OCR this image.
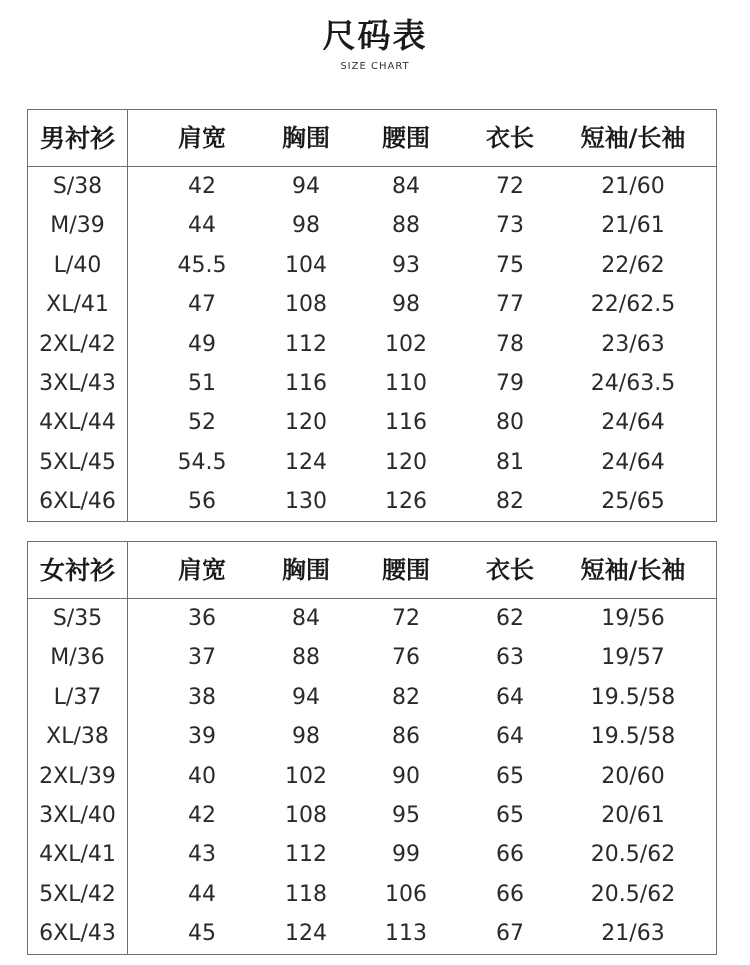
尺码表
SIZE CHART
男衬衫	肩宽	胸围	腰围	衣长	短袖/长袖
S/38	42	94	84	72	21/60
M/39	44	98	88	73	21/61
L/40	45.5	104	93	75	22/62
XL/41	47	108	98	77	22/62.5
2XL/42	49	112	102	78	23/63
3XL/43	51	116	110	79	24/63.5
4XL/44	52	120	116	80	24/64
5XL/45	54.5	124	120	81	24/64
6XL/46	56	130	126	82	25/65
女衬衫	肩宽	胸围	腰围	衣长	短袖/长袖
S/35	36	84	72	62	19/56
M/36	37	88	76	63	19/57
L/37	38	94	82	64	19.5/58
XL/38	39	98	86	64	19.5/58
2XL/39	40	102	90	65	20/60
3XL/40	42	108	95	65	20/61
4XL/41	43	112	99	66	20.5/62
5XL/42	44	118	106	66	20.5/62
6XL/43	45	124	113	67	21/63
